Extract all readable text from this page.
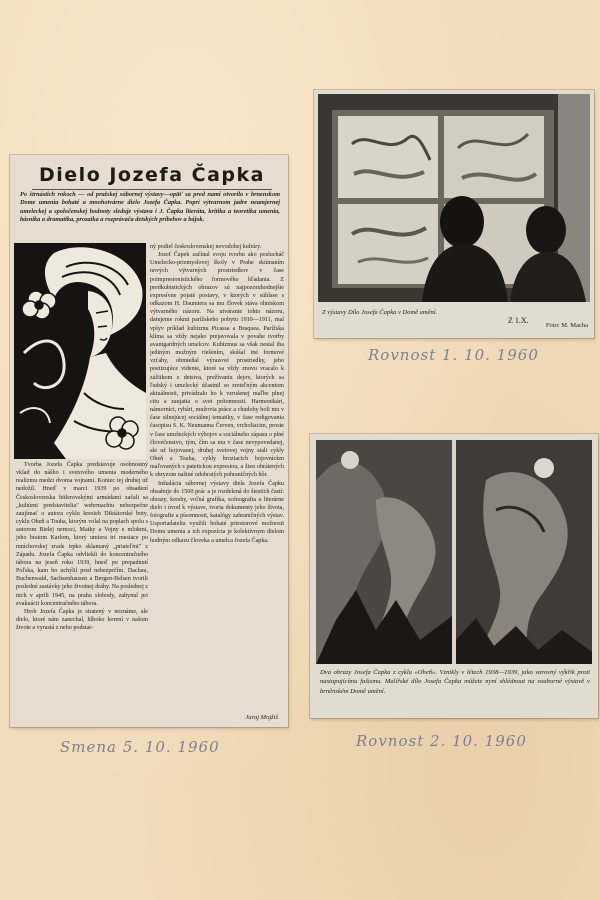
Dielo Jozefa Čapka
Po štrnástich rokoch — od pražskej súbornej výstavy—opäť sa pred nami otvorilo v brnenskom Dome umenia bohaté a mnohotvárne dielo Jozefa Čapka. Popri výtvarnom jadre neamjernej umeleckej a spoločenskej hodnoty sleduje výstava i J. Čapka literáta, kritika a teoretika umenia, básnika a dramatika, prozaika a rozprávača detských príbehov a bájok.

Tvorba Jozefa Čapka predstavuje osobnostný vklad do nášho i svetového umenia moderného realizmu medzi dvoma vojnami. Koniec tej druhej už nedožil. Hneď v marci 1939 po obsadení Československa hitlerovskými armádami začali sa „kultúrni predstavitelia" wehrmachtu nebezpečne zaujímať o autora cyklu kresieb Diktátorské boty, cyklu Oheň a Touha, ktorým volal na poplach spolu s autorom Bielej nemoci, Matky a Vojny e mlokmi, jeho bratom Karlom, ktorý umiera tri mesiace po mníchovskej zrade trpko sklamaný „priateľmi" z Západu. Jozefa Čapka odvliekli do koncentračného tábora na jeseň roku 1939, hneď po prepadnutí Poľska, kam ho uchýlil pred nebezpečím. Dachau, Buchenwald, Sachsenhausen a Bergen-Belsen tvorili posledné zastávky jeho životnej dráhy. Na poslednej z nich v apríli 1945, na prahu slobody, zahynul pri evakuácii koncentračného tábora.

Hrob Jozefa Čapka je stratený v neznáme, ale dielo, ktoré nám zanechal, hlboko korení v našom živote a vyrastá z neho podstat-

ný podiel československej novodobej kultúry.

Jozef Čapek začínal svoju tvorbu ako poslucháč Umelecko-priemyslovej školy v Prahe skúmaním nových výtvarných prostriedkov v čase poimpresionistického formového hľadania. Z predkubistických obrazov sú najpozoruhodnejšie expresívne pojaté postavy, v ktorých v súhlase s odkazom H. Daumiera sa mu človek stáva ohniskom výtvarného názoru. Na utváranie tohto názoru, datujeme rokmi parížskeho pobytu 1910—1911, mal vplyv príklad kubizmu Picassa a Braquea. Parížska klíma sa vždy nejako prejavovala v povahe tvorby avantgardných umelcov. Kubizmus sa však nestal iba jediným možným riešením, skúšal iné formové vzťahy, obmieňal výrazové prostriedky, jeho poetizujúce videnie, ktoré sa vždy znovu vracalo k zážitkom z detstva, prežívaniu dejov, ktorých sa ľudský i umelecký účastnil so zreteľným akcentom aktuálnosti, privádzalo ho k vzrušenej maľbe plnej citu a zaujatia o svet prítomnosti. Harmonikári, námorníci, rybári, mužovia práce a chudoby boli mu v čase silnejúcej sociálnej tematiky, v čase redigovania časopisu S. K. Neumanna Červen, vrcholiacim, proste v čase umeleckých výbojov a sociálneho zápasu o plné človečenstvo, tým, čím sa mu v čase nevypovedanej, ale už bojovanej, druhej svetovej vojny stali cykly Oheň a Touha, cykly hroziacich bojovníckm maľovaných s patetickou expresiou, a žien obrátených k ohryzom našiné odobratých pohraničných hôr.

Inštalácia súbornej výstavy diela Jozefa Čapku obsahuje do 1500 prác a je rozdelená do šiestich častí: obrazy, kresby, voľná grafika, scénografia a literárne dielo i úvod k výstave, tvoria dokumenty jeho života, fotografie a písomnosti, katalógy zahraničných výstav. Usporiadatelia využili bohaté priestorové možnosti Domu umenia a ich expozícia je kolektívnym dielom hodným odkazu človeka a umelca Jozefa Čapka.

Juraj Mojžiš
Z výstavy Dílo Josefa Čapka v Domě umění.
Z 1.X.
Foto: M. Macha
Dva obrazy Josefa Čapka z cyklu »Oheň«. Vznikly v létech 1938—1939, jako varovný výkřik proti nastupujícímu fašismu. Malířské dílo Josefa Čapka můžete nyní shlédnout na souborné výstavě v brněnském Domě umění.
Rovnost 1. 10. 1960
Smena 5. 10. 1960	Rovnost 2. 10. 1960
